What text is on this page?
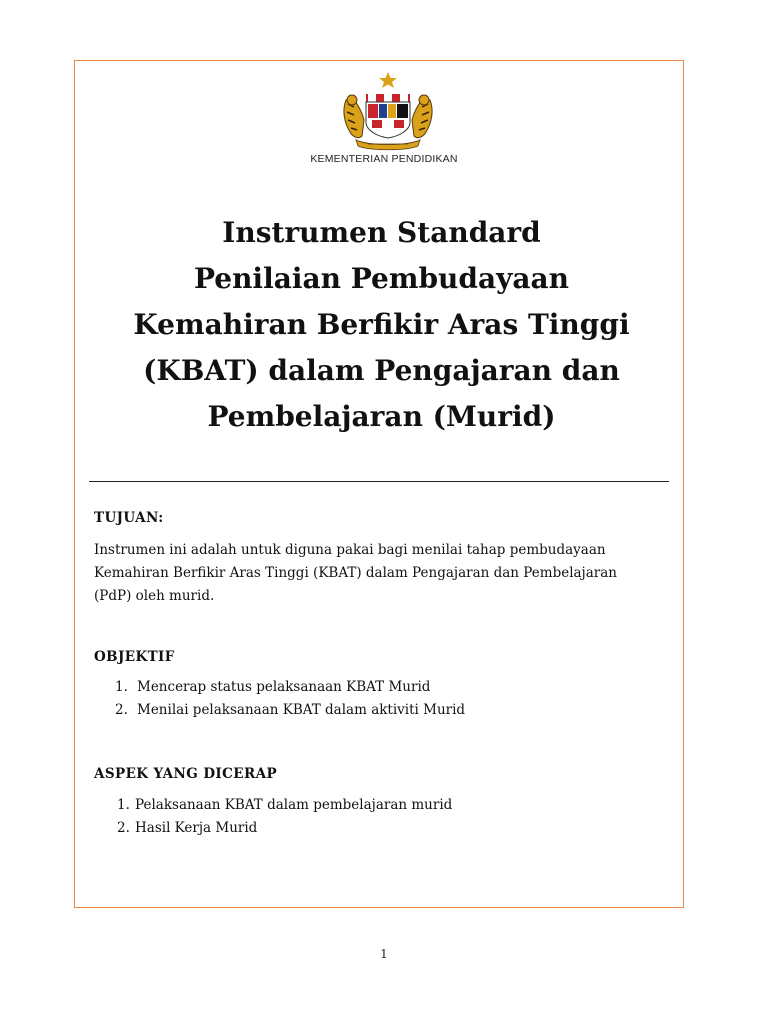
KEMENTERIAN PENDIDIKAN
Instrumen Standard
Penilaian Pembudayaan
Kemahiran Berfikir Aras Tinggi
(KBAT) dalam Pengajaran dan
Pembelajaran (Murid)
TUJUAN:
Instrumen ini adalah untuk diguna pakai bagi menilai tahap pembudayaan
Kemahiran Berfikir Aras Tinggi (KBAT) dalam Pengajaran dan Pembelajaran
(PdP) oleh murid.
OBJEKTIF
1. Mencerap status pelaksanaan KBAT Murid
2. Menilai pelaksanaan KBAT dalam aktiviti Murid
ASPEK YANG DICERAP
1. Pelaksanaan KBAT dalam pembelajaran murid
2. Hasil Kerja Murid
1
